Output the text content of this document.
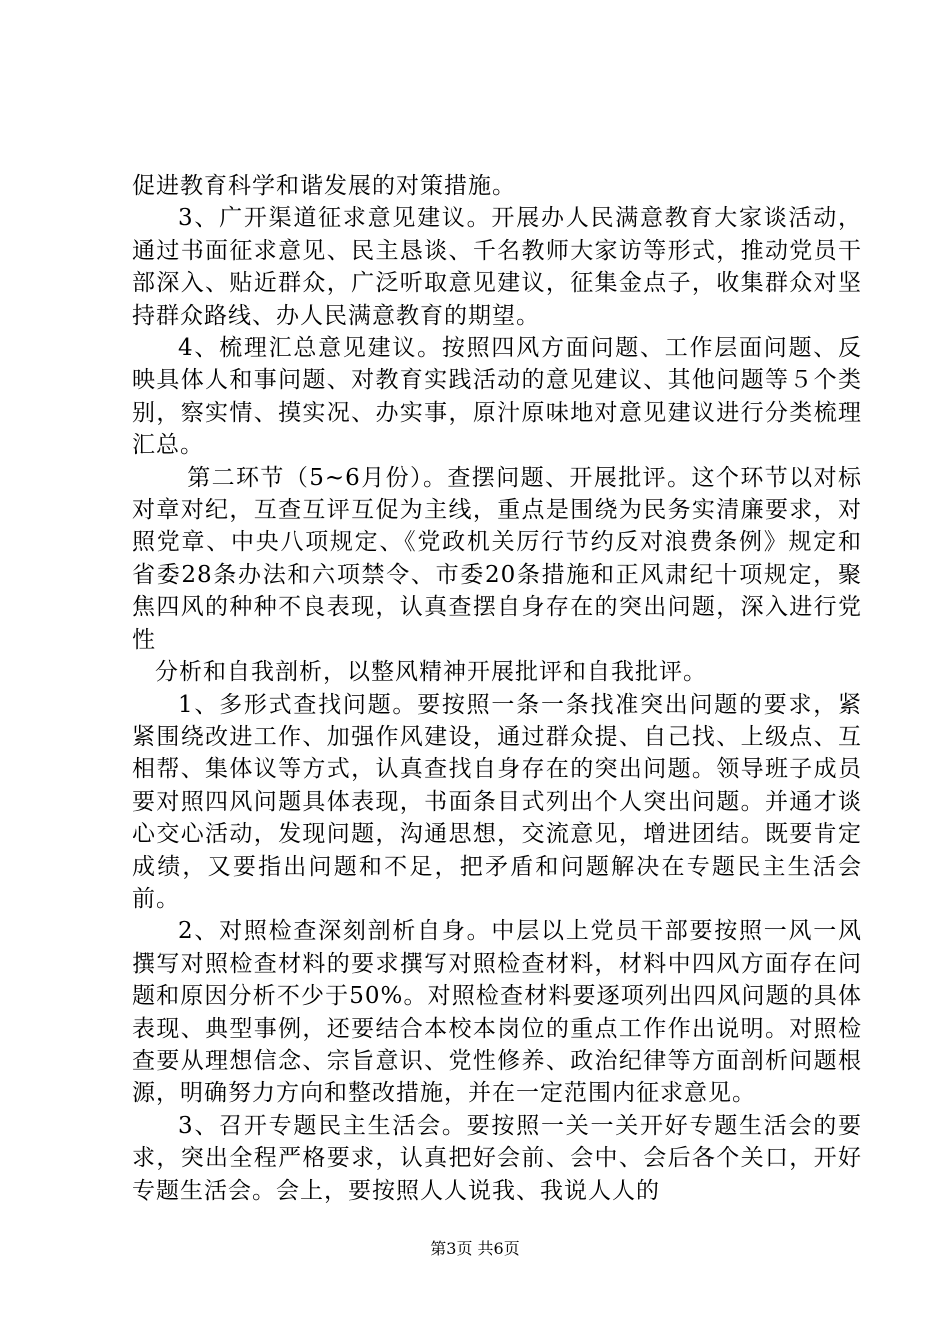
促进教育科学和谐发展的对策措施。

3、广开渠道征求意见建议。开展办人民满意教育大家谈活动，通过书面征求意见、民主恳谈、千名教师大家访等形式，推动党员干部深入、贴近群众，广泛听取意见建议，征集金点子，收集群众对坚持群众路线、办人民满意教育的期望。

4、梳理汇总意见建议。按照四风方面问题、工作层面问题、反映具体人和事问题、对教育实践活动的意见建议、其他问题等５个类别，察实情、摸实况、办实事，原汁原味地对意见建议进行分类梳理汇总。

第二环节（5~6月份）。查摆问题、开展批评。这个环节以对标对章对纪，互查互评互促为主线，重点是围绕为民务实清廉要求，对照党章、中央八项规定、《党政机关厉行节约反对浪费条例》规定和省委28条办法和六项禁令、市委20条措施和正风肃纪十项规定，聚焦四风的种种不良表现，认真查摆自身存在的突出问题，深入进行党性

分析和自我剖析，以整风精神开展批评和自我批评。

1、多形式查找问题。要按照一条一条找准突出问题的要求，紧紧围绕改进工作、加强作风建设，通过群众提、自己找、上级点、互相帮、集体议等方式，认真查找自身存在的突出问题。领导班子成员要对照四风问题具体表现，书面条目式列出个人突出问题。并通才谈心交心活动，发现问题，沟通思想，交流意见，增进团结。既要肯定成绩，又要指出问题和不足，把矛盾和问题解决在专题民主生活会前。

2、对照检查深刻剖析自身。中层以上党员干部要按照一风一风撰写对照检查材料的要求撰写对照检查材料，材料中四风方面存在问题和原因分析不少于50%。对照检查材料要逐项列出四风问题的具体表现、典型事例，还要结合本校本岗位的重点工作作出说明。对照检查要从理想信念、宗旨意识、党性修养、政治纪律等方面剖析问题根源，明确努力方向和整改措施，并在一定范围内征求意见。

3、召开专题民主生活会。要按照一关一关开好专题生活会的要求，突出全程严格要求，认真把好会前、会中、会后各个关口，开好专题生活会。会上，要按照人人说我、我说人人的

第3页 共6页
